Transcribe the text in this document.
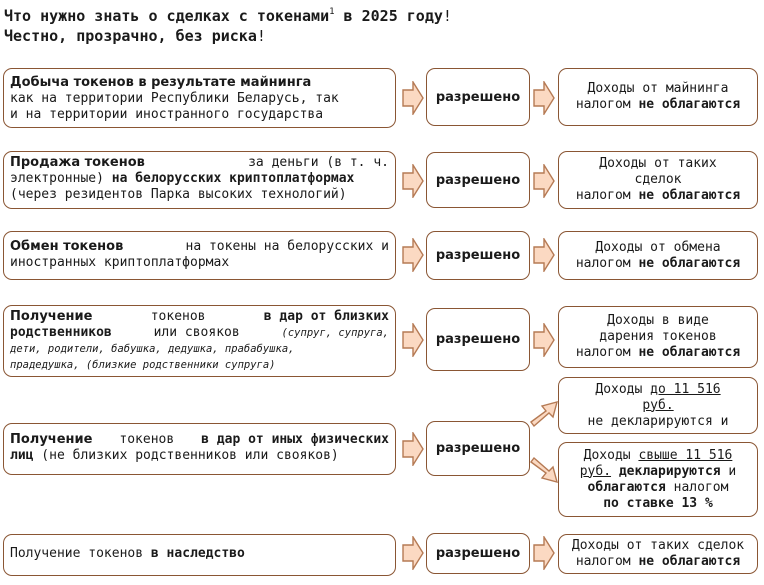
Что нужно знать о сделках с токенами$^1$ в 2025 году!
Честно, прозрачно, без риска!
Добыча токенов в результате майнинга
как на территории Республики Беларусь, так
и на территории иностранного государства
разрешено
Доходы от майнинга
налогом не облагаются
Продажа токенов	за деньги (в т. ч.
электронные) на белорусских криптоплатформах
(через резидентов Парка высоких технологий)
разрешено
Доходы от таких
сделок
налогом не облагаются
Обмен токенов	на токены на белорусских и
иностранных криптоплатформах	разрешено
Доходы от обмена
налогом не облагаются
Получение	токенов	в дар от близких
родственников	или свояков	(супруг, супруга,
дети, родители, бабушка, дедушка, прабабушка,
прадедушка, (близкие родственники супруга)
разрешено
Доходы в виде
дарения токенов
налогом не облагаются
Получение токенов в дар от иных физических
лиц (не близких родственников или свояков)	разрешено
Доходы до 11 516
руб.
не декларируются и
Доходы свыше 11 516
руб. декларируются и
облагаются налогом
по ставке 13 %
Получение токенов в наследство	разрешено
Доходы от таких сделок
налогом не облагаются
